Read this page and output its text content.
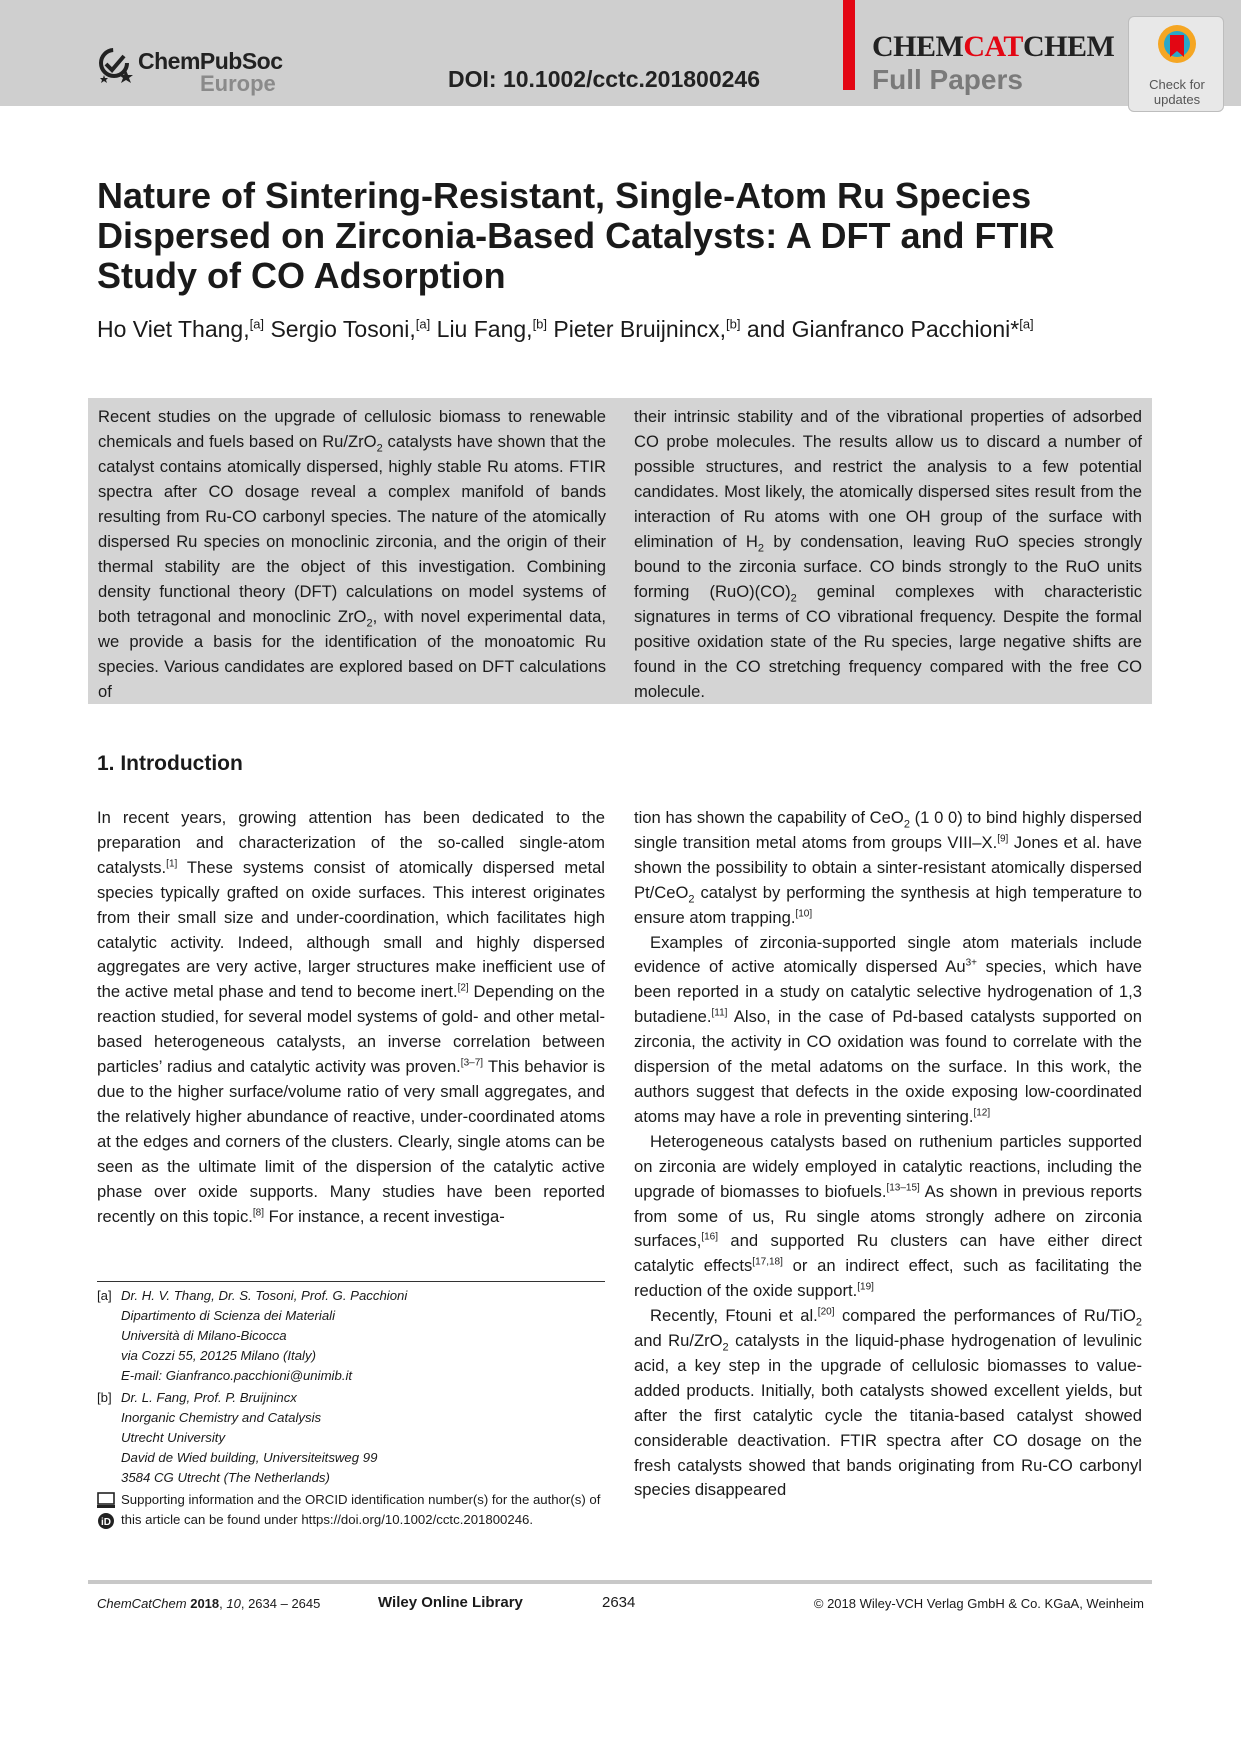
ChemPubSoc
Europe	DOI: 10.1002/cctc.201800246
CHEMCATCHEM
Full Papers	Check for
updates
Nature of Sintering-Resistant, Single-Atom Ru Species Dispersed on Zirconia-Based Catalysts: A DFT and FTIR Study of CO Adsorption
Ho Viet Thang,[a] Sergio Tosoni,[a] Liu Fang,[b] Pieter Bruijnincx,[b] and Gianfranco Pacchioni*[a]
Recent studies on the upgrade of cellulosic biomass to renewable chemicals and fuels based on Ru/ZrO$_2$ catalysts have shown that the catalyst contains atomically dispersed, highly stable Ru atoms. FTIR spectra after CO dosage reveal a complex manifold of bands resulting from Ru-CO carbonyl species. The nature of the atomically dispersed Ru species on monoclinic zirconia, and the origin of their thermal stability are the object of this investigation. Combining density functional theory (DFT) calculations on model systems of both tetragonal and monoclinic ZrO$_2$, with novel experimental data, we provide a basis for the identification of the monoatomic Ru species. Various candidates are explored based on DFT calculations of
their intrinsic stability and of the vibrational properties of adsorbed CO probe molecules. The results allow us to discard a number of possible structures, and restrict the analysis to a few potential candidates. Most likely, the atomically dispersed sites result from the interaction of Ru atoms with one OH group of the surface with elimination of $H_2$ by condensation, leaving RuO species strongly bound to the zirconia surface. CO binds strongly to the RuO units forming $(RuO)(CO)_2$ geminal complexes with characteristic signatures in terms of CO vibrational frequency. Despite the formal positive oxidation state of the Ru species, large negative shifts are found in the CO stretching frequency compared with the free CO molecule.
1. Introduction

In recent years, growing attention has been dedicated to the preparation and characterization of the so-called single-atom catalysts.[1] These systems consist of atomically dispersed metal species typically grafted on oxide surfaces. This interest originates from their small size and under-coordination, which facilitates high catalytic activity. Indeed, although small and highly dispersed aggregates are very active, larger structures make inefficient use of the active metal phase and tend to become inert.[2] Depending on the reaction studied, for several model systems of gold- and other metal-based heterogeneous catalysts, an inverse correlation between particles’ radius and catalytic activity was proven.[3–7] This behavior is due to the higher surface/volume ratio of very small aggregates, and the relatively higher abundance of reactive, under-coordinated atoms at the edges and corners of the clusters. Clearly, single atoms can be seen as the ultimate limit of the dispersion of the catalytic active phase over oxide supports. Many studies have been reported recently on this topic.[8] For instance, a recent investiga-

tion has shown the capability of CeO$_2$ (1 0 0) to bind highly dispersed single transition metal atoms from groups VIII–X.[9] Jones et al. have shown the possibility to obtain a sinter-resistant atomically dispersed Pt/CeO$_2$ catalyst by performing the synthesis at high temperature to ensure atom trapping.[10]

Examples of zirconia-supported single atom materials include evidence of active atomically dispersed $Au^{3+}$ species, which have been reported in a study on catalytic selective hydrogenation of 1,3 butadiene.[11] Also, in the case of Pd-based catalysts supported on zirconia, the activity in CO oxidation was found to correlate with the dispersion of the metal adatoms on the surface. In this work, the authors suggest that defects in the oxide exposing low-coordinated atoms may have a role in preventing sintering.[12]

Heterogeneous catalysts based on ruthenium particles supported on zirconia are widely employed in catalytic reactions, including the upgrade of biomasses to biofuels.[13–15] As shown in previous reports from some of us, Ru single atoms strongly adhere on zirconia surfaces,[16] and supported Ru clusters can have either direct catalytic effects[17,18] or an indirect effect, such as facilitating the reduction of the oxide support.[19]

Recently, Ftouni et al.[20] compared the performances of Ru/TiO$_2$ and Ru/ZrO$_2$ catalysts in the liquid-phase hydrogenation of levulinic acid, a key step in the upgrade of cellulosic biomasses to value-added products. Initially, both catalysts showed excellent yields, but after the first catalytic cycle the titania-based catalyst showed considerable deactivation. FTIR spectra after CO dosage on the fresh catalysts showed that bands originating from Ru-CO carbonyl species disappeared

[a] Dr. H. V. Thang, Dr. S. Tosoni, Prof. G. Pacchioni
Dipartimento di Scienza dei Materiali
Università di Milano-Bicocca
via Cozzi 55, 20125 Milano (Italy)
E-mail: Gianfranco.pacchioni@unimib.it
[b] Dr. L. Fang, Prof. P. Bruijnincx
Inorganic Chemistry and Catalysis
Utrecht University
David de Wied building, Universiteitsweg 99
3584 CG Utrecht (The Netherlands)
iD
Supporting information and the ORCID identification number(s) for the author(s) of this article can be found under https://doi.org/10.1002/cctc.201800246.
ChemCatChem 2018, 10, 2634 – 2645	Wiley Online Library	2634	© 2018 Wiley-VCH Verlag GmbH & Co. KGaA, Weinheim
